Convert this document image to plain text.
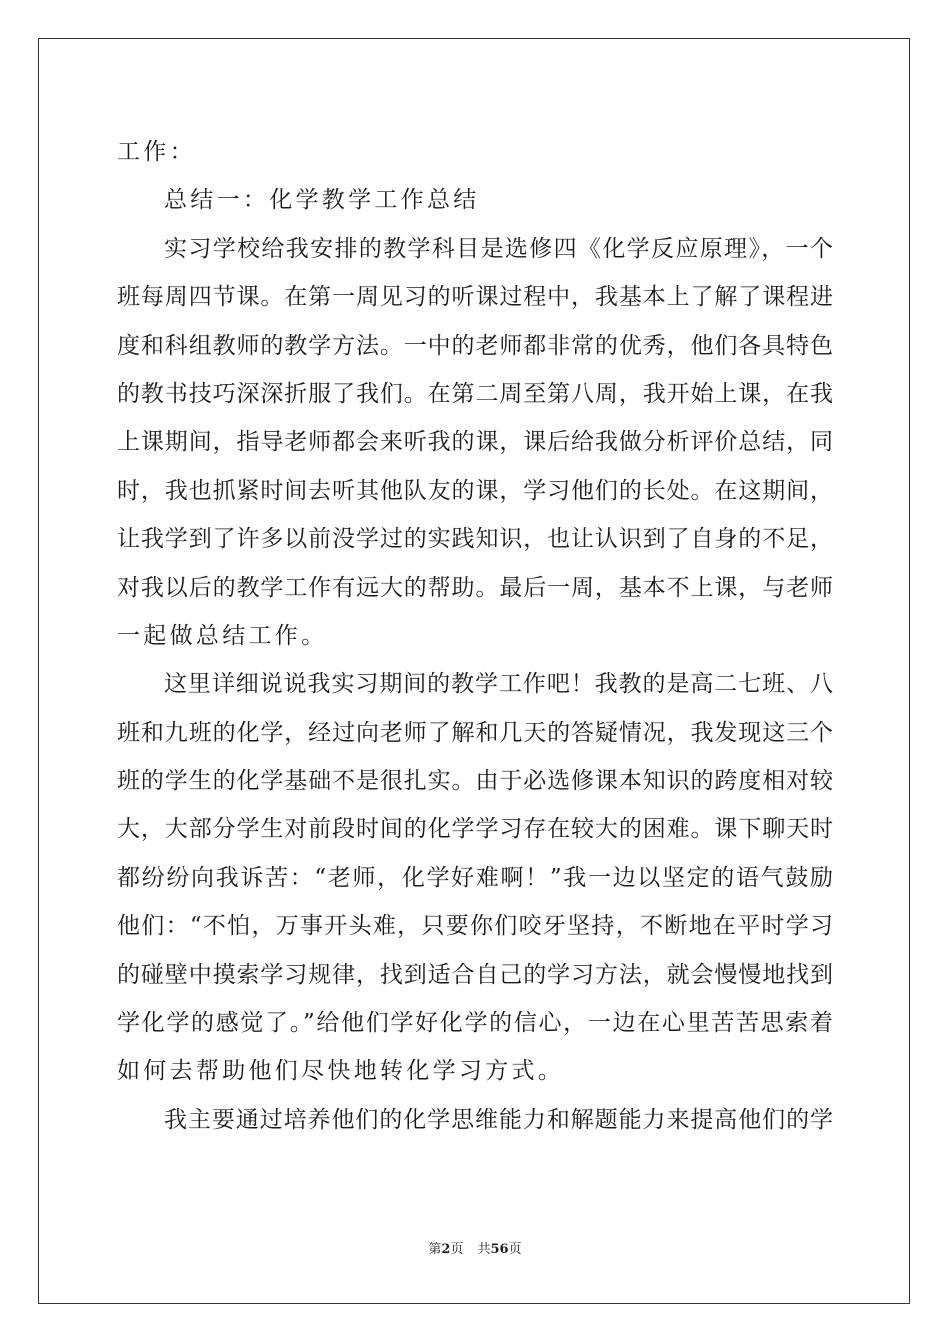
工作：

总结一：化学教学工作总结

实习学校给我安排的教学科目是选修四《化学反应原理》，一个

班每周四节课。在第一周见习的听课过程中，我基本上了解了课程进

度和科组教师的教学方法。一中的老师都非常的优秀，他们各具特色

的教书技巧深深折服了我们。在第二周至第八周，我开始上课，在我

上课期间，指导老师都会来听我的课，课后给我做分析评价总结，同

时，我也抓紧时间去听其他队友的课，学习他们的长处。在这期间，

让我学到了许多以前没学过的实践知识，也让认识到了自身的不足，

对我以后的教学工作有远大的帮助。最后一周，基本不上课，与老师

一起做总结工作。

这里详细说说我实习期间的教学工作吧！我教的是高二七班、八

班和九班的化学，经过向老师了解和几天的答疑情况，我发现这三个

班的学生的化学基础不是很扎实。由于必选修课本知识的跨度相对较

大，大部分学生对前段时间的化学学习存在较大的困难。课下聊天时

都纷纷向我诉苦：“老师，化学好难啊！”我一边以坚定的语气鼓励

他们：“不怕，万事开头难，只要你们咬牙坚持，不断地在平时学习

的碰壁中摸索学习规律，找到适合自己的学习方法，就会慢慢地找到

学化学的感觉了。”给他们学好化学的信心，一边在心里苦苦思索着

如何去帮助他们尽快地转化学习方式。

我主要通过培养他们的化学思维能力和解题能力来提高他们的学

第2页 共56页
